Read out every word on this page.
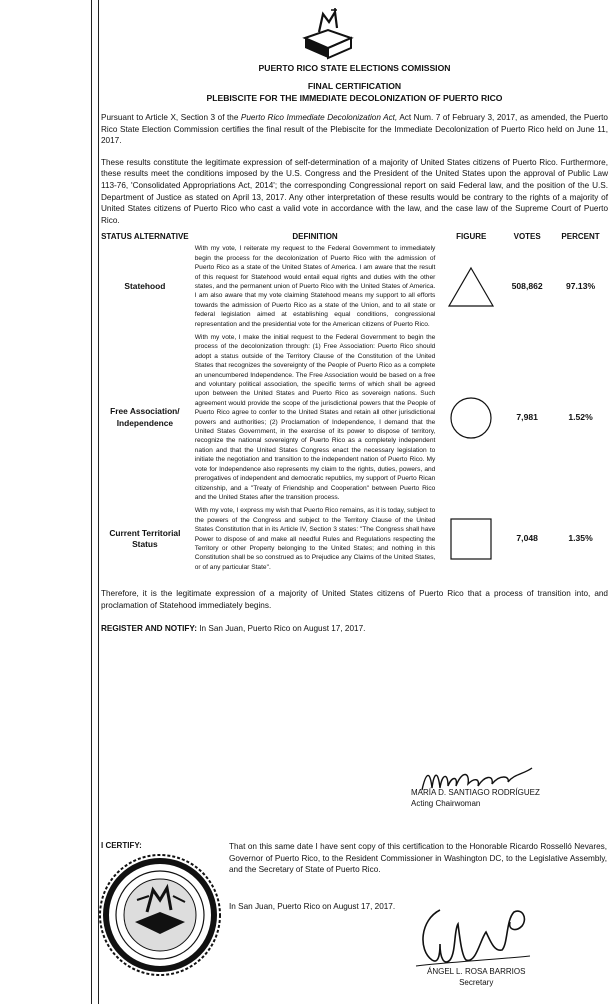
PUERTO RICO STATE ELECTIONS COMISSION
FINAL CERTIFICATION
PLEBISCITE FOR THE IMMEDIATE DECOLONIZATION OF PUERTO RICO

Pursuant to Article X, Section 3 of the Puerto Rico Immediate Decolonization Act, Act Num. 7 of February 3, 2017, as amended, the Puerto Rico State Election Commission certifies the final result of the Plebiscite for the Immediate Decolonization of Puerto Rico held on June 11, 2017.

These results constitute the legitimate expression of self-determination of a majority of United States citizens of Puerto Rico. Furthermore, these results meet the conditions imposed by the U.S. Congress and the President of the United States upon the approval of Public Law 113-76, 'Consolidated Appropriations Act, 2014'; the corresponding Congressional report on said Federal law, and the position of the U.S. Department of Justice as stated on April 13, 2017. Any other interpretation of these results would be contrary to the rights of a majority of United States citizens of Puerto Rico who cast a valid vote in accordance with the law, and the case law of the Supreme Court of Puerto Rico.

STATUS ALTERNATIVE	DEFINITION	FIGURE	VOTES	PERCENT
Statehood	With my vote, I reiterate my request to the Federal Government to immediately begin the process for the decolonization of Puerto Rico with the admission of Puerto Rico as a state of the United States of America. I am aware that the result of this request for Statehood would entail equal rights and duties with the other states, and the permanent union of Puerto Rico with the United States of America. I am also aware that my vote claiming Statehood means my support to all efforts towards the admission of Puerto Rico as a state of the Union, and to all state or federal legislation aimed at establishing equal conditions, congressional representation and the presidential vote for the American citizens of Puerto Rico.		508,862	97.13%
Free Association/ Independence	With my vote, I make the initial request to the Federal Government to begin the process of the decolonization through: (1) Free Association: Puerto Rico should adopt a status outside of the Territory Clause of the Constitution of the United States that recognizes the sovereignty of the People of Puerto Rico as a complete an unencumbered Independence. The Free Association would be based on a free and voluntary political association, the specific terms of which shall be agreed upon between the United States and Puerto Rico as sovereign nations. Such agreement would provide the scope of the jurisdictional powers that the People of Puerto Rico agree to confer to the United States and retain all other jurisdictional powers and authorities; (2) Proclamation of Independence, I demand that the United States Government, in the exercise of its power to dispose of territory, recognize the national sovereignty of Puerto Rico as a completely independent nation and that the United States Congress enact the necessary legislation to initiate the negotiation and transition to the independent nation of Puerto Rico. My vote for Independence also represents my claim to the rights, duties, powers, and prerogatives of independent and democratic republics, my support of Puerto Rican citizenship, and a "Treaty of Friendship and Cooperation" between Puerto Rico and the United States after the transition process.		7,981	1.52%
Current Territorial Status	With my vote, I express my wish that Puerto Rico remains, as it is today, subject to the powers of the Congress and subject to the Territory Clause of the United States Constitution that in its Article IV, Section 3 states: "The Congress shall have Power to dispose of and make all needful Rules and Regulations respecting the Territory or other Property belonging to the United States; and nothing in this Constitution shall be so construed as to Prejudice any Claims of the United States, or of any particular State".		7,048	1.35%

Therefore, it is the legitimate expression of a majority of United States citizens of Puerto Rico that a process of transition into, and proclamation of Statehood immediately begins.

REGISTER AND NOTIFY: In San Juan, Puerto Rico on August 17, 2017.

MARÍA D. SANTIAGO RODRÍGUEZ
Acting Chairwoman
I CERTIFY:	That on this same date I have sent copy of this certification to the Honorable Ricardo Rosselló Nevares, Governor of Puerto Rico, to the Resident Commissioner in Washington DC, to the Legislative Assembly, and the Secretary of State of Puerto Rico.
In San Juan, Puerto Rico on August 17, 2017.
ÁNGEL L. ROSA BARRIOS
Secretary
